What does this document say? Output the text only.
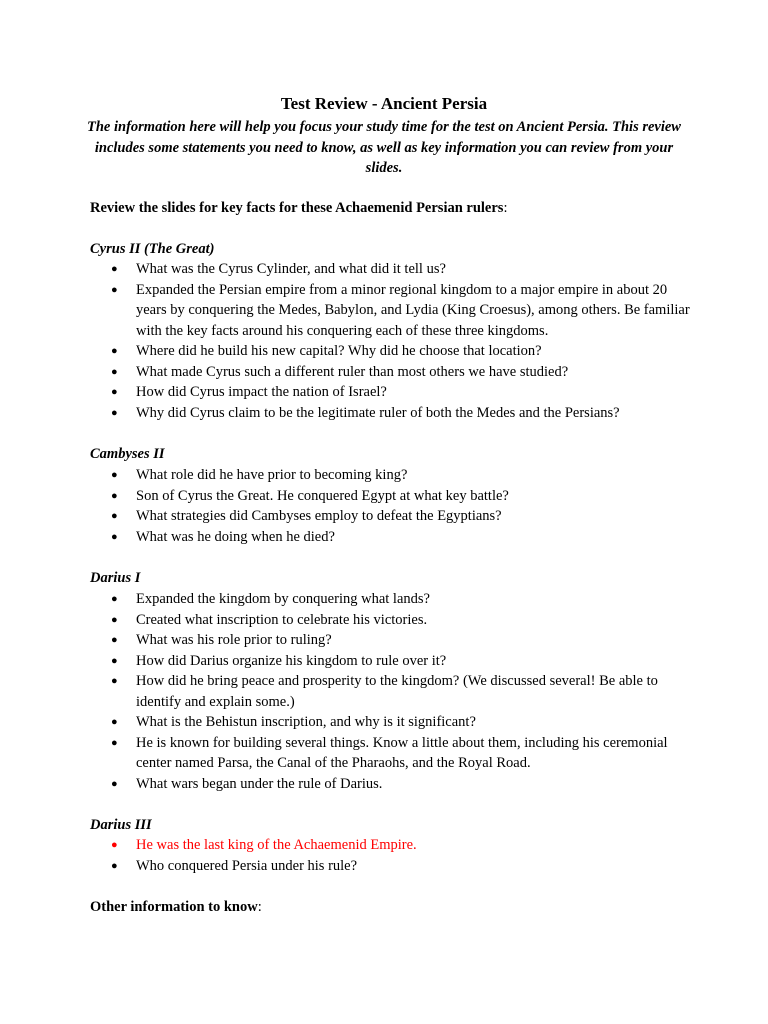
Test Review - Ancient Persia
The information here will help you focus your study time for the test on Ancient Persia. This review includes some statements you need to know, as well as key information you can review from your slides.
Review the slides for key facts for these Achaemenid Persian rulers:
Cyrus II (The Great)
● What was the Cyrus Cylinder, and what did it tell us?
● Expanded the Persian empire from a minor regional kingdom to a major empire in about 20 years by conquering the Medes, Babylon, and Lydia (King Croesus), among others. Be familiar with the key facts around his conquering each of these three kingdoms.
● Where did he build his new capital? Why did he choose that location?
● What made Cyrus such a different ruler than most others we have studied?
● How did Cyrus impact the nation of Israel?
● Why did Cyrus claim to be the legitimate ruler of both the Medes and the Persians?
Cambyses II
● What role did he have prior to becoming king?
● Son of Cyrus the Great. He conquered Egypt at what key battle?
● What strategies did Cambyses employ to defeat the Egyptians?
● What was he doing when he died?
Darius I
● Expanded the kingdom by conquering what lands?
● Created what inscription to celebrate his victories.
● What was his role prior to ruling?
● How did Darius organize his kingdom to rule over it?
● How did he bring peace and prosperity to the kingdom? (We discussed several! Be able to identify and explain some.)
● What is the Behistun inscription, and why is it significant?
● He is known for building several things. Know a little about them, including his ceremonial center named Parsa, the Canal of the Pharaohs, and the Royal Road.
● What wars began under the rule of Darius.
Darius III
● He was the last king of the Achaemenid Empire.
● Who conquered Persia under his rule?
Other information to know:
